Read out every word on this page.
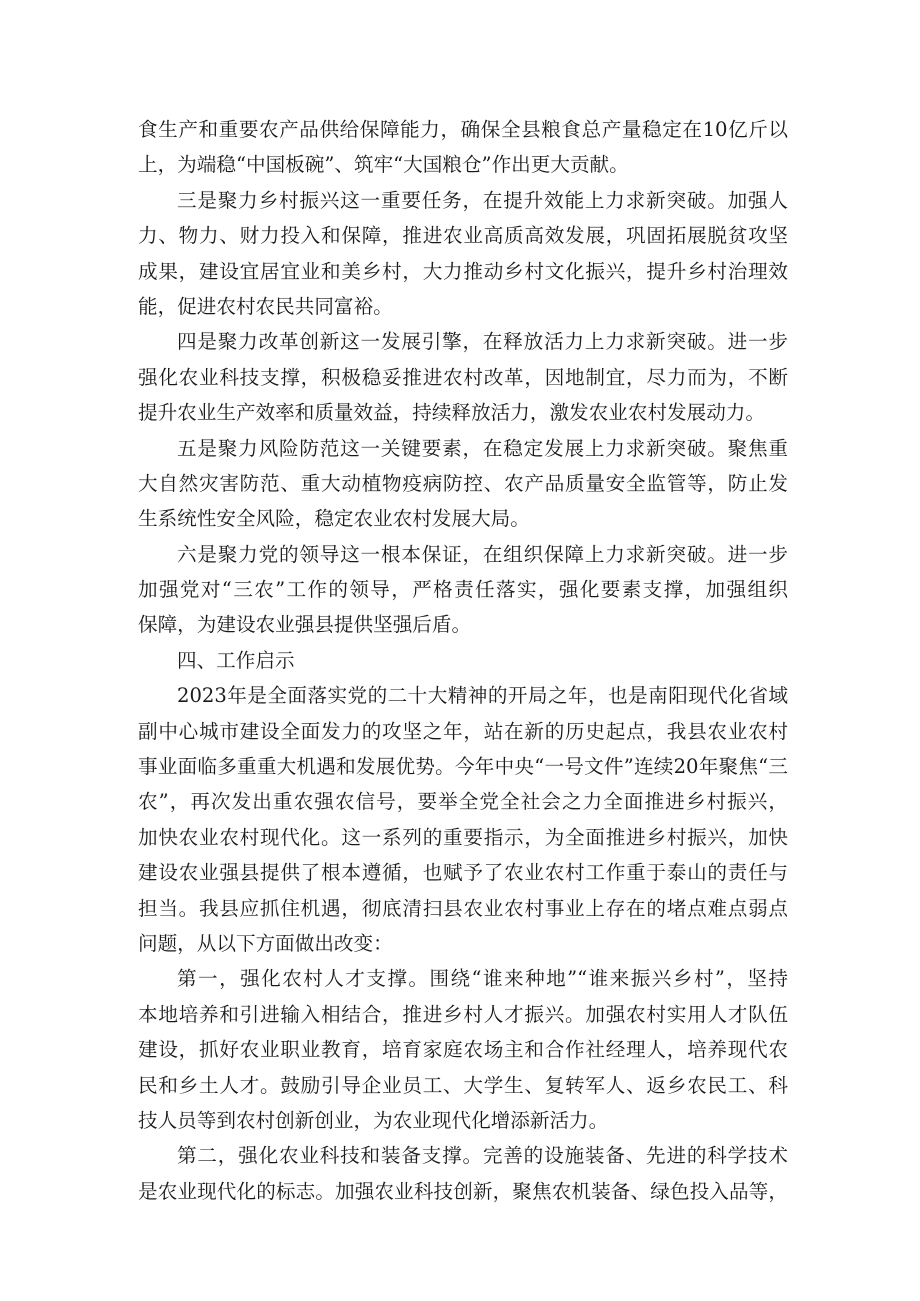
食生产和重要农产品供给保障能力，确保全县粮食总产量稳定在10亿斤以
上，为端稳“中国板碗”、筑牢“大国粮仓”作出更大贡献。
三是聚力乡村振兴这一重要任务，在提升效能上力求新突破。加强人
力、物力、财力投入和保障，推进农业高质高效发展，巩固拓展脱贫攻坚
成果，建设宜居宜业和美乡村，大力推动乡村文化振兴，提升乡村治理效
能，促进农村农民共同富裕。
四是聚力改革创新这一发展引擎，在释放活力上力求新突破。进一步
强化农业科技支撑，积极稳妥推进农村改革，因地制宜，尽力而为，不断
提升农业生产效率和质量效益，持续释放活力，激发农业农村发展动力。
五是聚力风险防范这一关键要素，在稳定发展上力求新突破。聚焦重
大自然灾害防范、重大动植物疫病防控、农产品质量安全监管等，防止发
生系统性安全风险，稳定农业农村发展大局。
六是聚力党的领导这一根本保证，在组织保障上力求新突破。进一步
加强党对“三农”工作的领导，严格责任落实，强化要素支撑，加强组织
保障，为建设农业强县提供坚强后盾。
四、工作启示
2023年是全面落实党的二十大精神的开局之年，也是南阳现代化省域
副中心城市建设全面发力的攻坚之年，站在新的历史起点，我县农业农村
事业面临多重重大机遇和发展优势。今年中央“一号文件”连续20年聚焦“三
农”，再次发出重农强农信号，要举全党全社会之力全面推进乡村振兴，
加快农业农村现代化。这一系列的重要指示，为全面推进乡村振兴，加快
建设农业强县提供了根本遵循，也赋予了农业农村工作重于泰山的责任与
担当。我县应抓住机遇，彻底清扫县农业农村事业上存在的堵点难点弱点
问题，从以下方面做出改变：
第一，强化农村人才支撑。围绕“谁来种地”“谁来振兴乡村”，坚持
本地培养和引进输入相结合，推进乡村人才振兴。加强农村实用人才队伍
建设，抓好农业职业教育，培育家庭农场主和合作社经理人，培养现代农
民和乡土人才。鼓励引导企业员工、大学生、复转军人、返乡农民工、科
技人员等到农村创新创业，为农业现代化增添新活力。
第二，强化农业科技和装备支撑。完善的设施装备、先进的科学技术
是农业现代化的标志。加强农业科技创新，聚焦农机装备、绿色投入品等，
